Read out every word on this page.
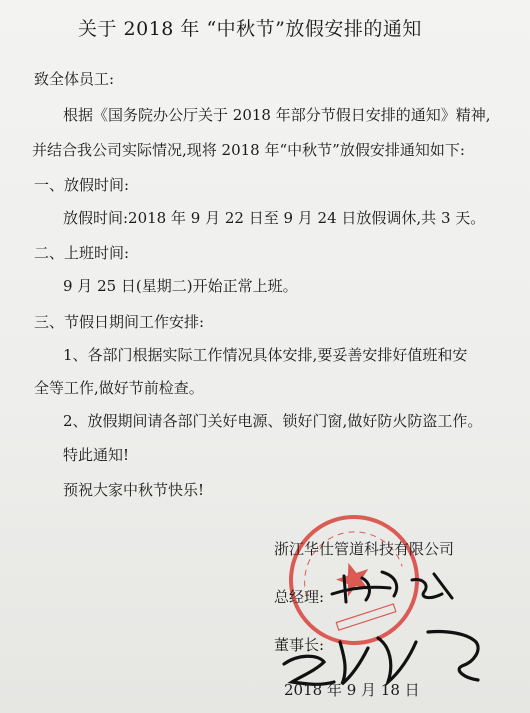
关于 2018 年 “中秋节”放假安排的通知
致全体员工:
根据《国务院办公厅关于 2018 年部分节假日安排的通知》精神,
并结合我公司实际情况,现将 2018 年“中秋节”放假安排通知如下:
一、放假时间:
放假时间:2018 年 9 月 22 日至 9 月 24 日放假调休,共 3 天。
二、上班时间:
9 月 25 日(星期二)开始正常上班。
三、节假日期间工作安排:
1、各部门根据实际工作情况具体安排,要妥善安排好值班和安
全等工作,做好节前检查。
2、放假期间请各部门关好电源、锁好门窗,做好防火防盗工作。
特此通知!
预祝大家中秋节快乐!
浙江华仕管道科技有限公司
总经理:
董事长:
2018 年 9 月 18 日
